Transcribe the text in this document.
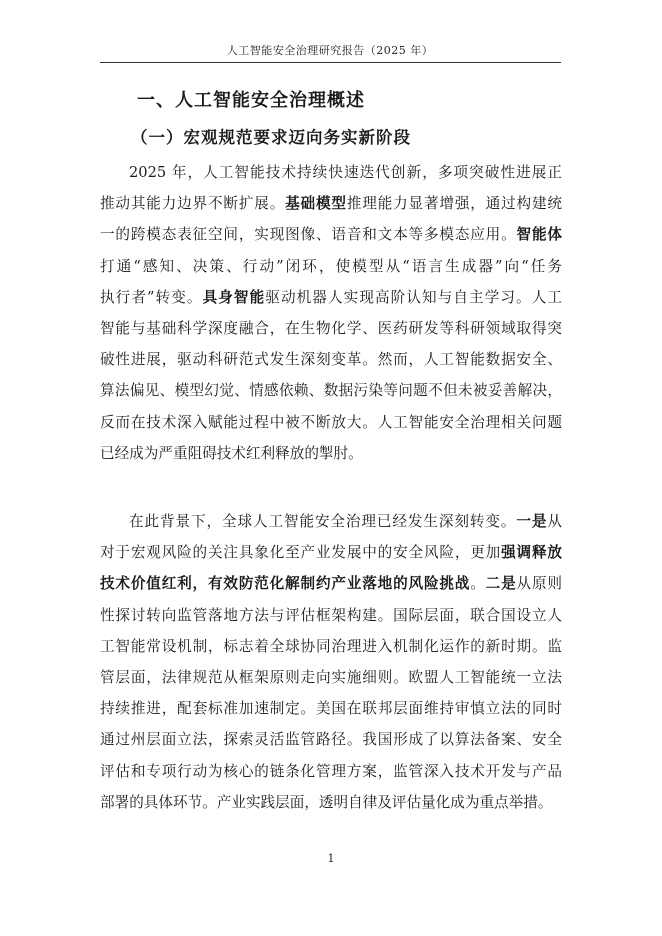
人工智能安全治理研究报告（2025 年）
一、人工智能安全治理概述
（一）宏观规范要求迈向务实新阶段
2025 年，人工智能技术持续快速迭代创新，多项突破性进展正
推动其能力边界不断扩展。基础模型推理能力显著增强，通过构建统
一的跨模态表征空间，实现图像、语音和文本等多模态应用。智能体
打通“感知、决策、行动”闭环，使模型从“语言生成器”向“任务
执行者”转变。具身智能驱动机器人实现高阶认知与自主学习。人工
智能与基础科学深度融合，在生物化学、医药研发等科研领域取得突
破性进展，驱动科研范式发生深刻变革。然而，人工智能数据安全、
算法偏见、模型幻觉、情感依赖、数据污染等问题不但未被妥善解决，
反而在技术深入赋能过程中被不断放大。人工智能安全治理相关问题
已经成为严重阻碍技术红利释放的掣肘。
在此背景下，全球人工智能安全治理已经发生深刻转变。一是从
对于宏观风险的关注具象化至产业发展中的安全风险，更加强调释放
技术价值红利，有效防范化解制约产业落地的风险挑战。二是从原则
性探讨转向监管落地方法与评估框架构建。国际层面，联合国设立人
工智能常设机制，标志着全球协同治理进入机制化运作的新时期。监
管层面，法律规范从框架原则走向实施细则。欧盟人工智能统一立法
持续推进，配套标准加速制定。美国在联邦层面维持审慎立法的同时
通过州层面立法，探索灵活监管路径。我国形成了以算法备案、安全
评估和专项行动为核心的链条化管理方案，监管深入技术开发与产品
部署的具体环节。产业实践层面，透明自律及评估量化成为重点举措。
1
